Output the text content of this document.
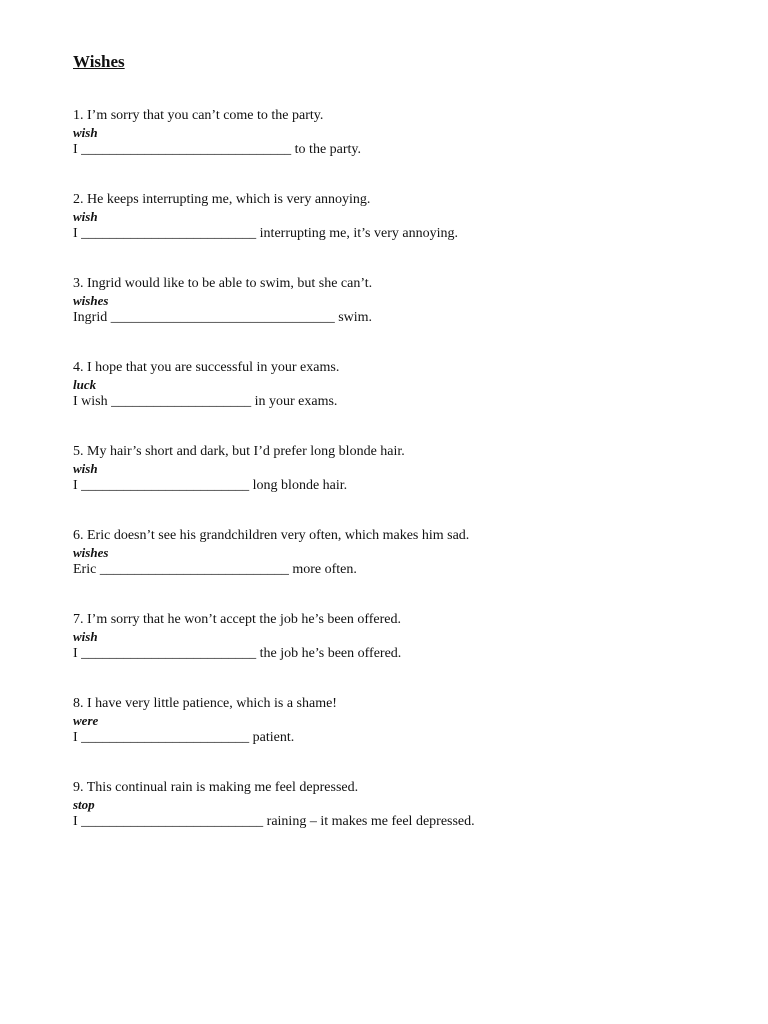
Wishes
1. I’m sorry that you can’t come to the party.
wish
I ______________________________ to the party.
2. He keeps interrupting me, which is very annoying.
wish
I _________________________ interrupting me, it’s very annoying.
3. Ingrid would like to be able to swim, but she can’t.
wishes
Ingrid ________________________________ swim.
4. I hope that you are successful in your exams.
luck
I wish ____________________ in your exams.
5. My hair’s short and dark, but I’d prefer long blonde hair.
wish
I ________________________ long blonde hair.
6. Eric doesn’t see his grandchildren very often, which makes him sad.
wishes
Eric ___________________________ more often.
7. I’m sorry that he won’t accept the job he’s been offered.
wish
I _________________________ the job he’s been offered.
8. I have very little patience, which is a shame!
were
I ________________________ patient.
9. This continual rain is making me feel depressed.
stop
I __________________________ raining – it makes me feel depressed.
